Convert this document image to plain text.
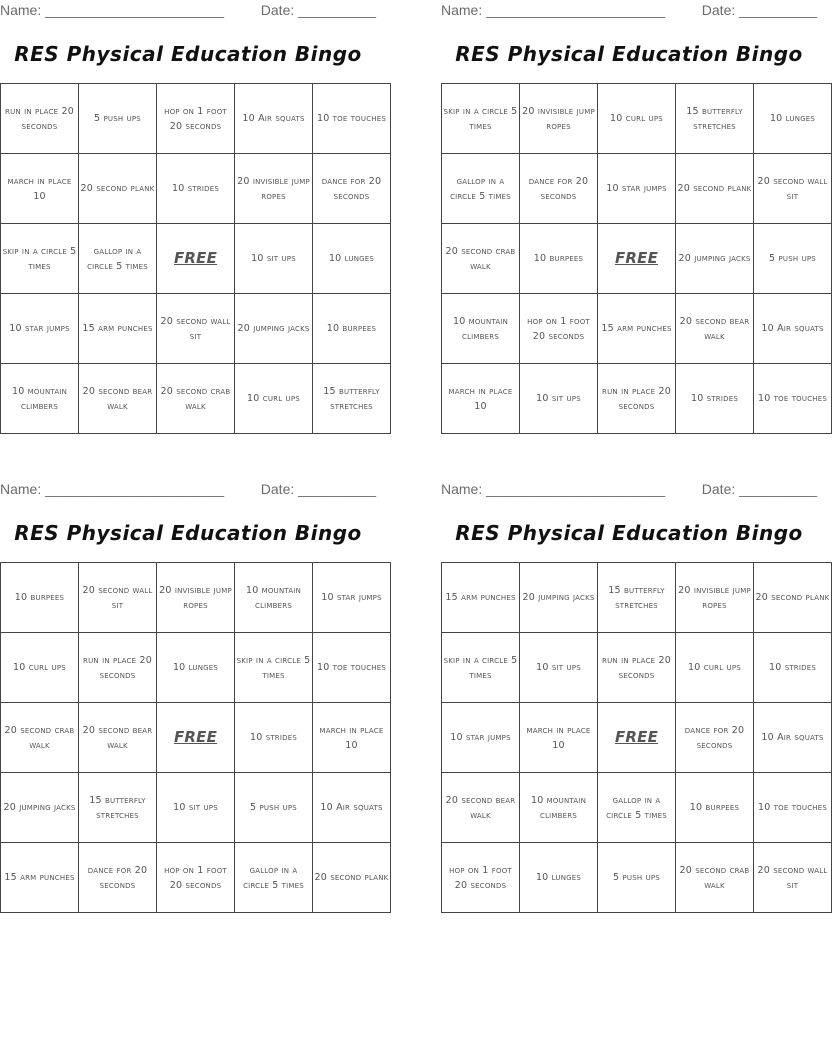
Name: _______________________	Date: __________
RES Physical Education Bingo
run in place 20 seconds	5 push ups	hop on 1 foot 20 seconds	10 Air squats	10 toe touches
march in place 10	20 second plank	10 strides	20 invisible jump ropes	dance for 20 seconds
skip in a circle 5 times	gallop in a circle 5 times	FREE	10 sit ups	10 lunges
10 star jumps	15 arm punches	20 second wall sit	20 jumping jacks	10 burpees
10 mountain climbers	20 second bear walk	20 second crab walk	10 curl ups	15 butterfly stretches
Name: _______________________	Date: __________
RES Physical Education Bingo
skip in a circle 5 times	20 invisible jump ropes	10 curl ups	15 butterfly stretches	10 lunges
gallop in a circle 5 times	dance for 20 seconds	10 star jumps	20 second plank	20 second wall sit
20 second crab walk	10 burpees	FREE	20 jumping jacks	5 push ups
10 mountain climbers	hop on 1 foot 20 seconds	15 arm punches	20 second bear walk	10 Air squats
march in place 10	10 sit ups	run in place 20 seconds	10 strides	10 toe touches
Name: _______________________	Date: __________
RES Physical Education Bingo
10 burpees	20 second wall sit	20 invisible jump ropes	10 mountain climbers	10 star jumps
10 curl ups	run in place 20 seconds	10 lunges	skip in a circle 5 times	10 toe touches
20 second crab walk	20 second bear walk	FREE	10 strides	march in place 10
20 jumping jacks	15 butterfly stretches	10 sit ups	5 push ups	10 Air squats
15 arm punches	dance for 20 seconds	hop on 1 foot 20 seconds	gallop in a circle 5 times	20 second plank
Name: _______________________	Date: __________
RES Physical Education Bingo
15 arm punches	20 jumping jacks	15 butterfly stretches	20 invisible jump ropes	20 second plank
skip in a circle 5 times	10 sit ups	run in place 20 seconds	10 curl ups	10 strides
10 star jumps	march in place 10	FREE	dance for 20 seconds	10 Air squats
20 second bear walk	10 mountain climbers	gallop in a circle 5 times	10 burpees	10 toe touches
hop on 1 foot 20 seconds	10 lunges	5 push ups	20 second crab walk	20 second wall sit
